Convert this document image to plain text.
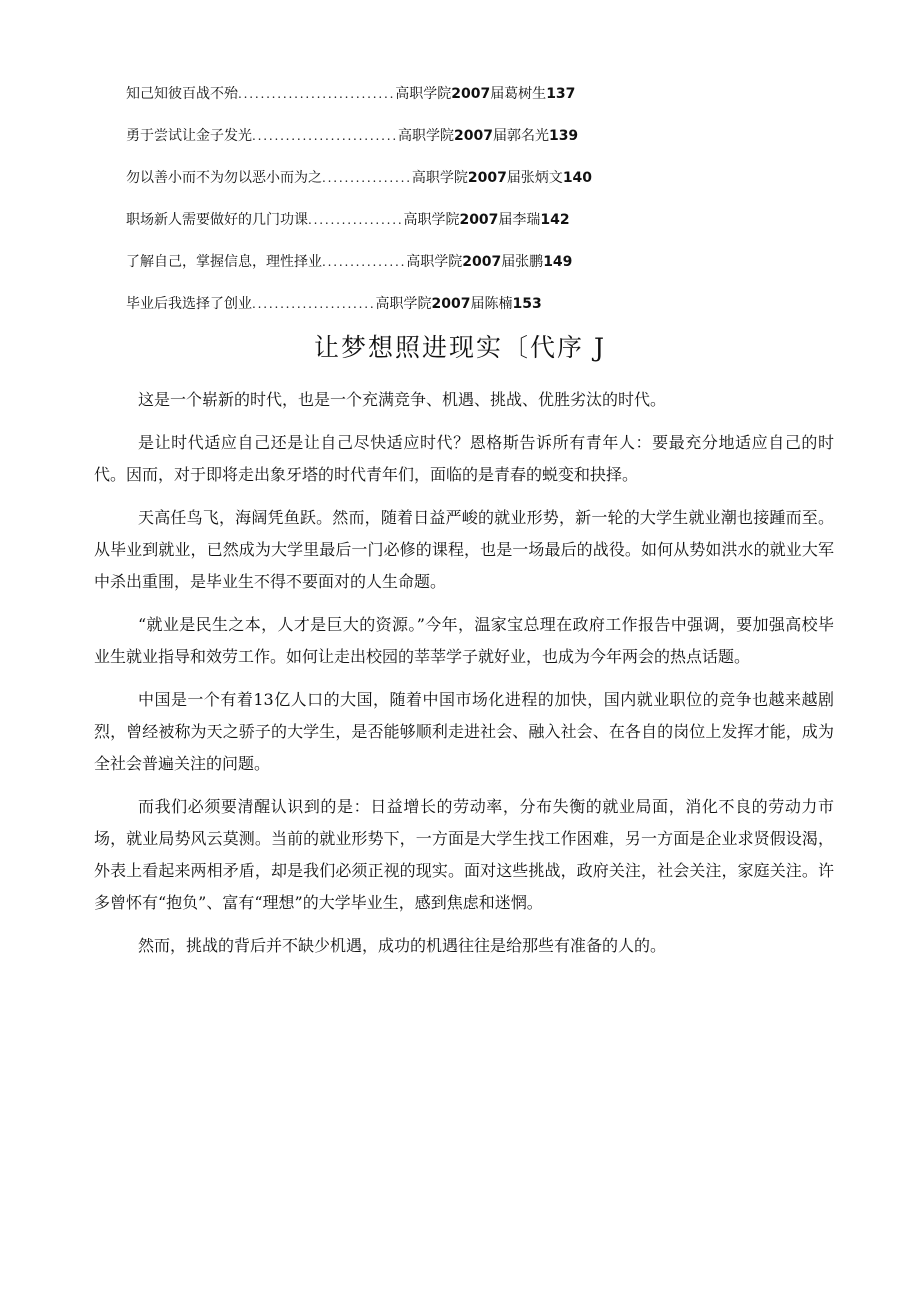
知己知彼百战不殆............................高职学院2007届葛树生137
勇于尝试让金子发光..........................高职学院2007届郭名光139
勿以善小而不为勿以恶小而为之................高职学院2007届张炳文140
职场新人需要做好的几门功课.................高职学院2007届李瑞142
了解自己，掌握信息，理性择业...............高职学院2007届张鹏149
毕业后我选择了创业......................高职学院2007届陈楠153
让梦想照进现实〔代序 J

这是一个崭新的时代，也是一个充满竞争、机遇、挑战、优胜劣汰的时代。

是让时代适应自己还是让自己尽快适应时代？恩格斯告诉所有青年人：要最充分地适应自己的时代。因而，对于即将走出象牙塔的时代青年们，面临的是青春的蜕变和抉择。

天高任鸟飞，海阔凭鱼跃。然而，随着日益严峻的就业形势，新一轮的大学生就业潮也接踵而至。从毕业到就业，已然成为大学里最后一门必修的课程，也是一场最后的战役。如何从势如洪水的就业大军中杀出重围，是毕业生不得不要面对的人生命题。

“就业是民生之本，人才是巨大的资源。”今年，温家宝总理在政府工作报告中强调，要加强高校毕业生就业指导和效劳工作。如何让走出校园的莘莘学子就好业，也成为今年两会的热点话题。

中国是一个有着13亿人口的大国，随着中国市场化进程的加快，国内就业职位的竞争也越来越剧烈，曾经被称为天之骄子的大学生，是否能够顺利走进社会、融入社会、在各自的岗位上发挥才能，成为全社会普遍关注的问题。

而我们必须要清醒认识到的是：日益增长的劳动率，分布失衡的就业局面，消化不良的劳动力市场，就业局势风云莫测。当前的就业形势下，一方面是大学生找工作困难，另一方面是企业求贤假设渴，外表上看起来两相矛盾，却是我们必须正视的现实。面对这些挑战，政府关注，社会关注，家庭关注。许多曾怀有“抱负”、富有“理想”的大学毕业生，感到焦虑和迷惘。

然而，挑战的背后并不缺少机遇，成功的机遇往往是给那些有准备的人的。
